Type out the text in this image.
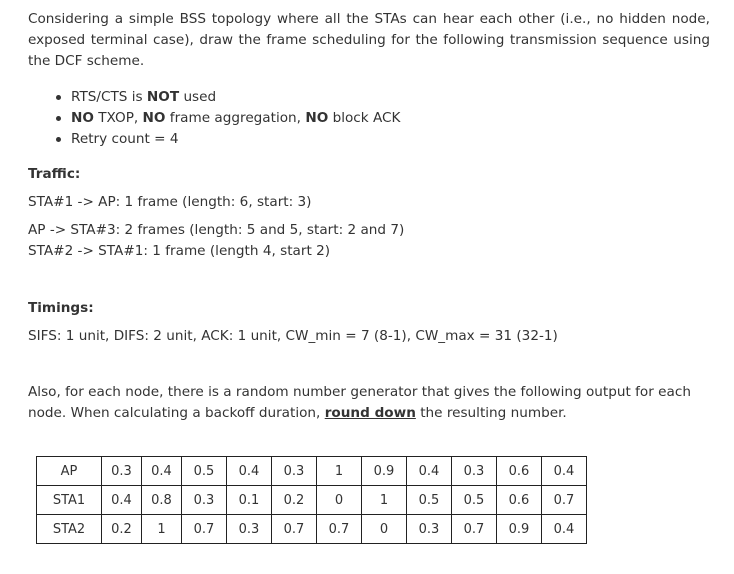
Considering a simple BSS topology where all the STAs can hear each other (i.e., no hidden node, exposed terminal case), draw the frame scheduling for the following transmission sequence using the DCF scheme.

RTS/CTS is NOT used
NO TXOP, NO frame aggregation, NO block ACK
Retry count = 4
Traffic:
STA#1 -> AP: 1 frame (length: 6, start: 3)
AP -> STA#3: 2 frames (length: 5 and 5, start: 2 and 7)
STA#2 -> STA#1: 1 frame (length 4, start 2)
Timings:
SIFS: 1 unit, DIFS: 2 unit, ACK: 1 unit, CW_min = 7 (8-1), CW_max = 31 (32-1)
Also, for each node, there is a random number generator that gives the following output for each
node. When calculating a backoff duration, round down the resulting number.
AP	0.3	0.4	0.5	0.4	0.3	1	0.9	0.4	0.3	0.6	0.4
STA1	0.4	0.8	0.3	0.1	0.2	0	1	0.5	0.5	0.6	0.7
STA2	0.2	1	0.7	0.3	0.7	0.7	0	0.3	0.7	0.9	0.4
